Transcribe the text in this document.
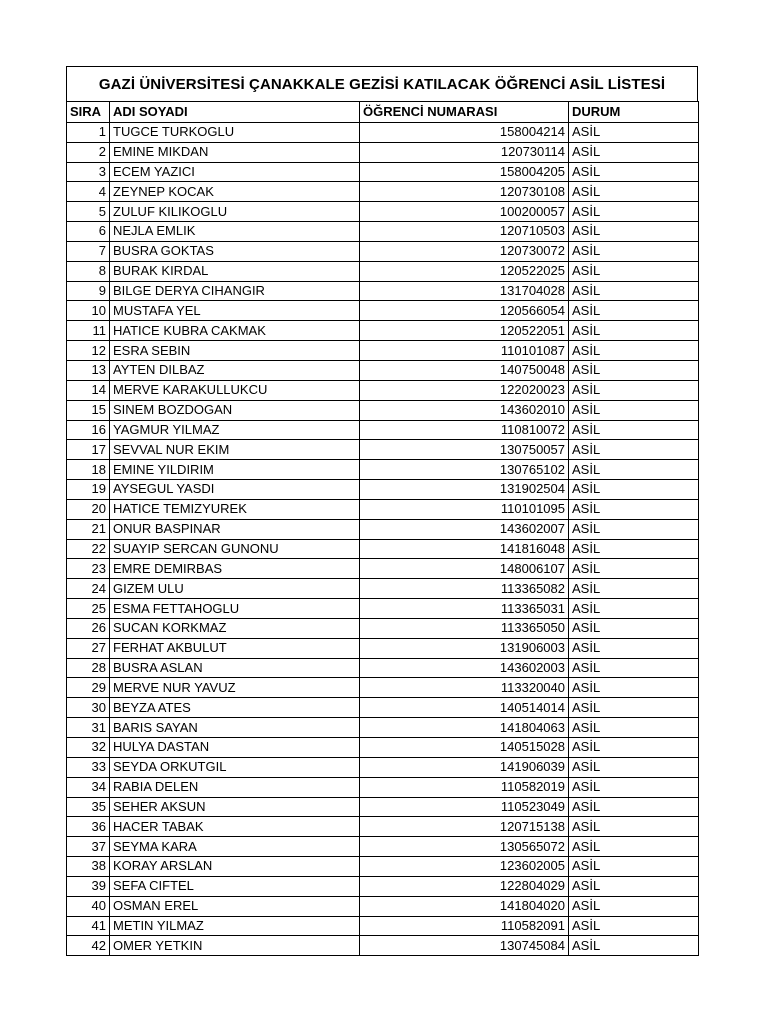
GAZİ ÜNİVERSİTESİ ÇANAKKALE GEZİSİ KATILACAK ÖĞRENCİ ASİL LİSTESİ
SIRA	ADI SOYADI	ÖĞRENCİ NUMARASI	DURUM
1	TUGCE TURKOGLU	158004214	ASİL
2	EMINE MIKDAN	120730114	ASİL
3	ECEM YAZICI	158004205	ASİL
4	ZEYNEP KOCAK	120730108	ASİL
5	ZULUF KILIKOGLU	100200057	ASİL
6	NEJLA EMLIK	120710503	ASİL
7	BUSRA GOKTAS	120730072	ASİL
8	BURAK KIRDAL	120522025	ASİL
9	BILGE DERYA CIHANGIR	131704028	ASİL
10	MUSTAFA YEL	120566054	ASİL
11	HATICE KUBRA CAKMAK	120522051	ASİL
12	ESRA SEBIN	110101087	ASİL
13	AYTEN DILBAZ	140750048	ASİL
14	MERVE KARAKULLUKCU	122020023	ASİL
15	SINEM BOZDOGAN	143602010	ASİL
16	YAGMUR YILMAZ	110810072	ASİL
17	SEVVAL NUR EKIM	130750057	ASİL
18	EMINE YILDIRIM	130765102	ASİL
19	AYSEGUL YASDI	131902504	ASİL
20	HATICE TEMIZYUREK	110101095	ASİL
21	ONUR BASPINAR	143602007	ASİL
22	SUAYIP SERCAN GUNONU	141816048	ASİL
23	EMRE DEMIRBAS	148006107	ASİL
24	GIZEM ULU	113365082	ASİL
25	ESMA FETTAHOGLU	113365031	ASİL
26	SUCAN KORKMAZ	113365050	ASİL
27	FERHAT AKBULUT	131906003	ASİL
28	BUSRA ASLAN	143602003	ASİL
29	MERVE NUR YAVUZ	113320040	ASİL
30	BEYZA ATES	140514014	ASİL
31	BARIS SAYAN	141804063	ASİL
32	HULYA DASTAN	140515028	ASİL
33	SEYDA ORKUTGIL	141906039	ASİL
34	RABIA DELEN	110582019	ASİL
35	SEHER AKSUN	110523049	ASİL
36	HACER TABAK	120715138	ASİL
37	SEYMA KARA	130565072	ASİL
38	KORAY ARSLAN	123602005	ASİL
39	SEFA CIFTEL	122804029	ASİL
40	OSMAN EREL	141804020	ASİL
41	METIN YILMAZ	110582091	ASİL
42	OMER YETKIN	130745084	ASİL
